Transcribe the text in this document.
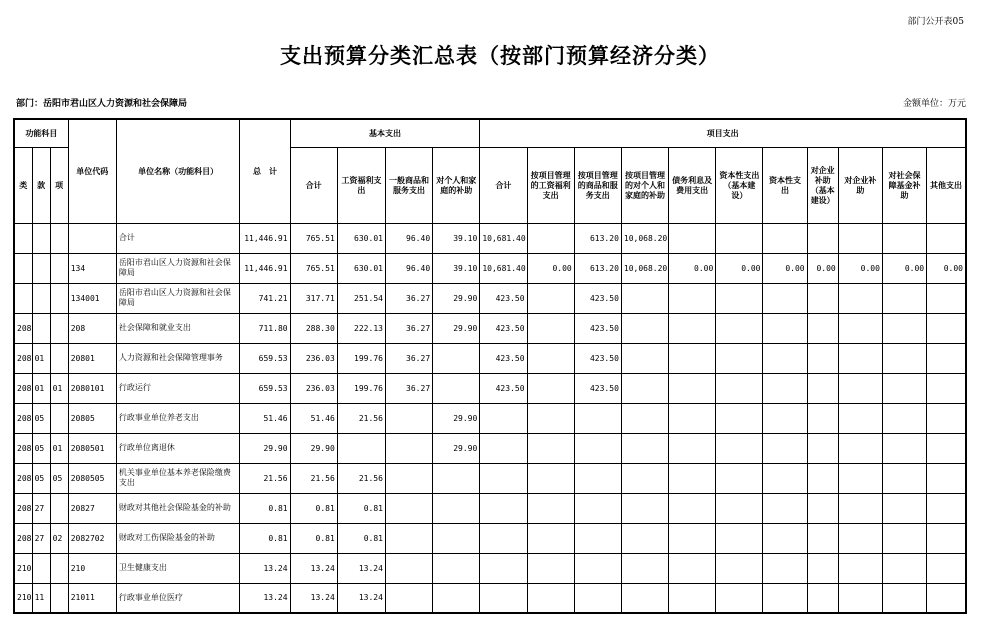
部门公开表05
支出预算分类汇总表（按部门预算经济分类）
部门：岳阳市君山区人力资源和社会保障局	金额单位：万元
功能科目			单位代码	单位名称（功能科目）	总　计	基本支出				项目支出										
类	款	项				合计	工资福利支出	一般商品和服务支出	对个人和家庭的补助	合计	按项目管理的工资福利支出	按项目管理的商品和服务支出	按项目管理的对个人和家庭的补助	债务利息及费用支出	资本性支出（基本建设）	资本性支出	对企业补助（基本建设）	对企业补助	对社会保障基金补助	其他支出
				合计	11,446.91	765.51	630.01	96.40	39.10	10,681.40		613.20	10,068.20							
			134	岳阳市君山区人力资源和社会保障局	11,446.91	765.51	630.01	96.40	39.10	10,681.40	0.00	613.20	10,068.20	0.00	0.00	0.00	0.00	0.00	0.00	0.00
			134001	岳阳市君山区人力资源和社会保障局	741.21	317.71	251.54	36.27	29.90	423.50		423.50								
208			208	社会保障和就业支出	711.80	288.30	222.13	36.27	29.90	423.50		423.50								
208	01		20801	人力资源和社会保障管理事务	659.53	236.03	199.76	36.27		423.50		423.50								
208	01	01	2080101	行政运行	659.53	236.03	199.76	36.27		423.50		423.50								
208	05		20805	行政事业单位养老支出	51.46	51.46	21.56		29.90											
208	05	01	2080501	行政单位离退休	29.90	29.90			29.90											
208	05	05	2080505	机关事业单位基本养老保险缴费支出	21.56	21.56	21.56													
208	27		20827	财政对其他社会保险基金的补助	0.81	0.81	0.81													
208	27	02	2082702	财政对工伤保险基金的补助	0.81	0.81	0.81													
210			210	卫生健康支出	13.24	13.24	13.24													
210	11		21011	行政事业单位医疗	13.24	13.24	13.24													
